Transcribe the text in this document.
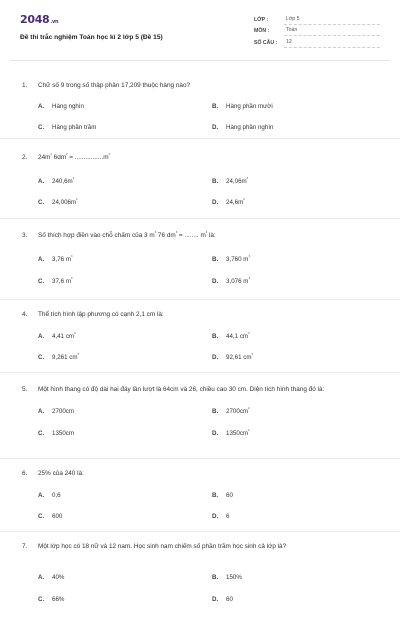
2048.vn
Đề thi trắc nghiệm Toán học kì 2 lớp 5 (Đề 15)
LỚP :	Lớp 5
MÔN :	Toán
SỐ CÂU :	12
1.	Chữ số 9 trong số thập phân 17,209 thuộc hàng nào?
A.	Hàng nghìn	B.	Hàng phần mười
C.	Hàng phần trăm	D.	Hàng phần nghìn
2.	$24m^{^2}$ $6dm^{^2} = ................m^{^2}$
A.	$240,6m^{^2}$	B.	$24,06m^{^2}$
C.	$24,006m^{^2}$	D.	$24,6m^{^2}$
3.	Số thích hợp điền vào chỗ chấm của 3 $m^{^3}$ 76 $dm^{^3}$ = ........ $m^{^3}$ là:
A.	3,76 $m^{^3}$	B.	3,760 $m^{^3}$
C.	37,6 $m^{^3}$	D.	3,076 $m^{^3}$
4.	Thể tích hình lập phương có cạnh 2,1 cm là:
A.	4,41 $cm^{^3}$	B.	44,1 $cm^{^3}$
C.	9,261 $cm^{^3}$	D.	92,61 $cm^{^3}$
5.	Một hình thang có độ dài hai đáy lần lượt là 64cm và 26, chiều cao 30 cm. Diện tích hình thang đó là:
A.	2700cm	B.	$2700cm^{^2}$
C.	1350cm	D.	$1350cm^{^2}$
6.	25% của 240 là:
A.	0,6	B.	60
C.	600	D.	6
7.	Một lớp học có 18 nữ và 12 nam. Học sinh nam chiếm số phần trăm học sinh cả lớp là?
A.	40%	B.	150%
C.	66%	D.	60
